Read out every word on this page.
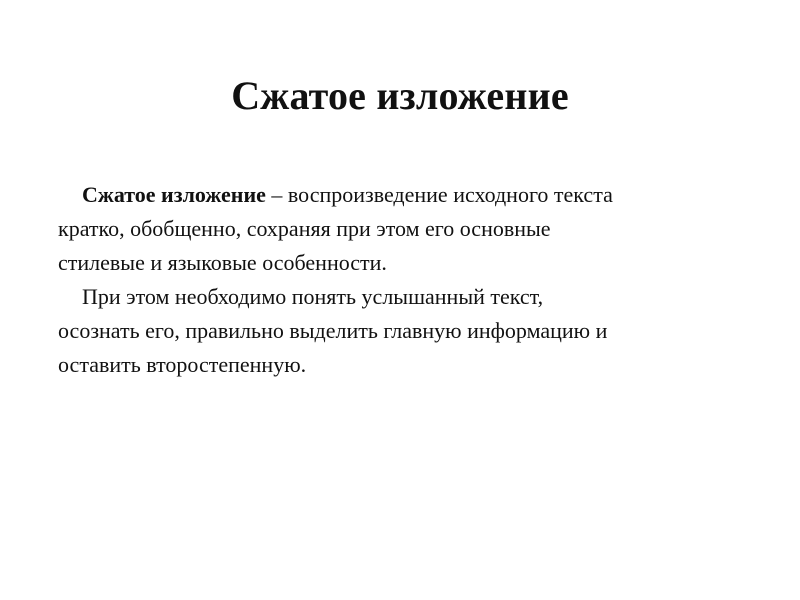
Сжатое изложение

Сжатое изложение – воспроизведение исходного текста
кратко, обобщенно, сохраняя при этом его основные
стилевые и языковые особенности.

При этом необходимо понять услышанный текст,
осознать его, правильно выделить главную информацию и
оставить второстепенную.
